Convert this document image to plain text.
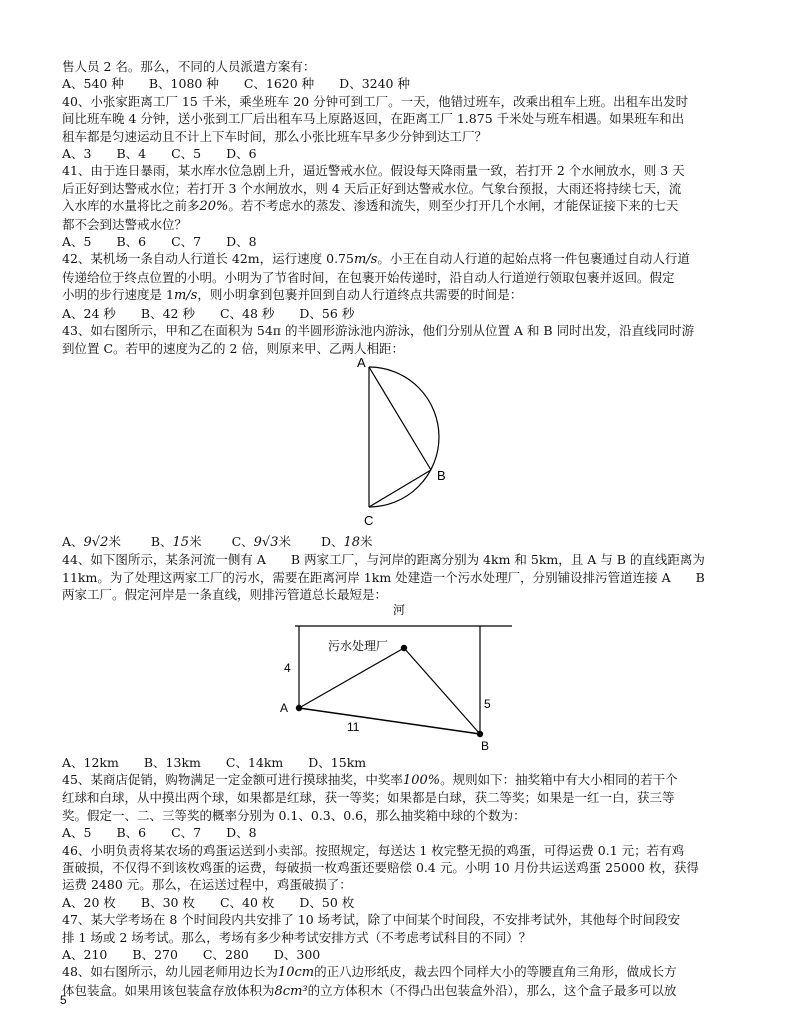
售人员 2 名。那么，不同的人员派遣方案有：
A、540 种　　B、1080 种　　C、1620 种　　D、3240 种
40、小张家距离工厂 15 千米，乘坐班车 20 分钟可到工厂。一天，他错过班车，改乘出租车上班。出租车出发时
间比班车晚 4 分钟，送小张到工厂后出租车马上原路返回，在距离工厂 1.875 千米处与班车相遇。如果班车和出
租车都是匀速运动且不计上下车时间，那么小张比班车早多少分钟到达工厂？
A、3　　B、4　　C、5　　D、6
41、由于连日暴雨，某水库水位急剧上升，逼近警戒水位。假设每天降雨量一致，若打开 2 个水闸放水，则 3 天
后正好到达警戒水位；若打开 3 个水闸放水，则 4 天后正好到达警戒水位。气象台预报，大雨还将持续七天，流
入水库的水量将比之前多20%。若不考虑水的蒸发、渗透和流失，则至少打开几个水闸，才能保证接下来的七天
都不会到达警戒水位？
A、5　　B、6　　C、7　　D、8
42、某机场一条自动人行道长 42m，运行速度 0.75m/s。小王在自动人行道的起始点将一件包裹通过自动人行道
传递给位于终点位置的小明。小明为了节省时间，在包裹开始传递时，沿自动人行道逆行领取包裹并返回。假定
小明的步行速度是 1m/s，则小明拿到包裹并回到自动人行道终点共需要的时间是：
A、24 秒　　B、42 秒　　C、48 秒　　D、56 秒
43、如右图所示，甲和乙在面积为 54π 的半圆形游泳池内游泳，他们分别从位置 A 和 B 同时出发，沿直线同时游
到位置 C。若甲的速度为乙的 2 倍，则原来甲、乙两人相距：
A
B
C
A、9√2米 B、15米 C、9√3米 D、18米
44、如下图所示，某条河流一侧有 A　　B 两家工厂，与河岸的距离分别为 4km 和 5km，且 A 与 B 的直线距离为
11km。为了处理这两家工厂的污水，需要在距离河岸 1km 处建造一个污水处理厂，分别铺设排污管道连接 A　　B
两家工厂。假定河岸是一条直线，则排污管道总长最短是：
河
污水处理厂
A
B
4
5
11
A、12km　　B、13km　　C、14km　　D、15km
45、某商店促销，购物满足一定金额可进行摸球抽奖，中奖率100%。规则如下：抽奖箱中有大小相同的若干个
红球和白球，从中摸出两个球，如果都是红球，获一等奖；如果都是白球，获二等奖；如果是一红一白，获三等
奖。假定一、二、三等奖的概率分别为 0.1、0.3、0.6，那么抽奖箱中球的个数为：
A、5　　B、6　　C、7　　D、8
46、小明负责将某农场的鸡蛋运送到小卖部。按照规定，每送达 1 枚完整无损的鸡蛋，可得运费 0.1 元；若有鸡
蛋破损，不仅得不到该枚鸡蛋的运费，每破损一枚鸡蛋还要赔偿 0.4 元。小明 10 月份共运送鸡蛋 25000 枚，获得
运费 2480 元。那么，在运送过程中，鸡蛋破损了：
A、20 枚　　B、30 枚　　C、40 枚　　D、50 枚
47、某大学考场在 8 个时间段内共安排了 10 场考试，除了中间某个时间段，不安排考试外，其他每个时间段安
排 1 场或 2 场考试。那么，考场有多少种考试安排方式（不考虑考试科目的不同）？
A、210　　B、270　　C、280　　D、300
48、如右图所示，幼儿园老师用边长为10cm的正八边形纸皮，裁去四个同样大小的等腰直角三角形，做成长方
体包装盒。如果用该包装盒存放体积为8cm³的立方体积木（不得凸出包装盒外沿），那么，这个盒子最多可以放
5
